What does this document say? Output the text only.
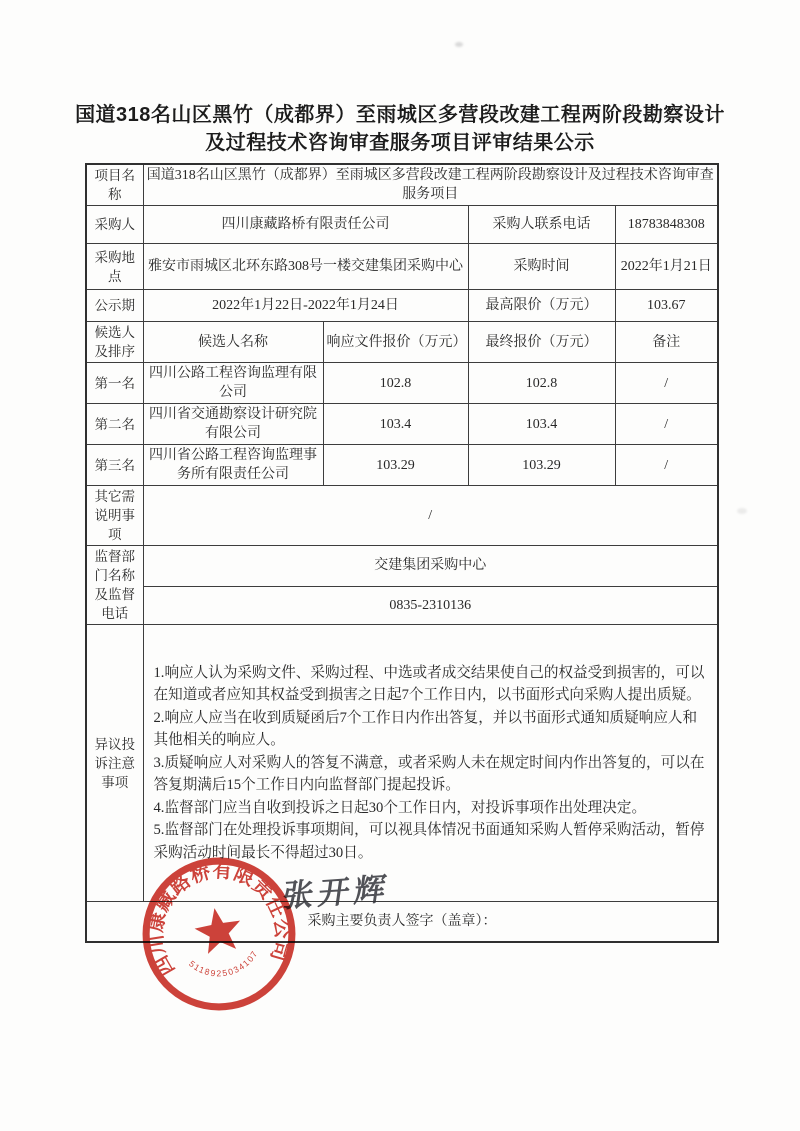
国道318名山区黑竹（成都界）至雨城区多营段改建工程两阶段勘察设计
及过程技术咨询审查服务项目评审结果公示
项目名称	国道318名山区黑竹（成都界）至雨城区多营段改建工程两阶段勘察设计及过程技术咨询审查服务项目			
采购人	四川康藏路桥有限责任公司		采购人联系电话	18783848308
采购地点	雅安市雨城区北环东路308号一楼交建集团采购中心		采购时间	2022年1月21日
公示期	2022年1月22日-2022年1月24日		最高限价（万元）	103.67
候选人及排序	候选人名称	响应文件报价（万元）	最终报价（万元）	备注
第一名	四川公路工程咨询监理有限公司	102.8	102.8	/
第二名	四川省交通勘察设计研究院有限公司	103.4	103.4	/
第三名	四川省公路工程咨询监理事务所有限责任公司	103.29	103.29	/
其它需说明事项	/			
监督部门名称及监督电话	交建集团采购中心			
	0835-2310136			
异议投诉注意事项	1.响应人认为采购文件、采购过程、中选或者成交结果使自己的权益受到损害的，可以在知道或者应知其权益受到损害之日起7个工作日内，以书面形式向采购人提出质疑。
2.响应人应当在收到质疑函后7个工作日内作出答复，并以书面形式通知质疑响应人和其他相关的响应人。
3.质疑响应人对采购人的答复不满意，或者采购人未在规定时间内作出答复的，可以在答复期满后15个工作日内向监督部门提起投诉。
4.监督部门应当自收到投诉之日起30个工作日内，对投诉事项作出处理决定。
5.监督部门在处理投诉事项期间，可以视具体情况书面通知采购人暂停采购活动，暂停采购活动时间最长不得超过30日。			

采购主要负责人签字（盖章）：				
张开辉
四川康藏路桥有限责任公司
5118925034107
